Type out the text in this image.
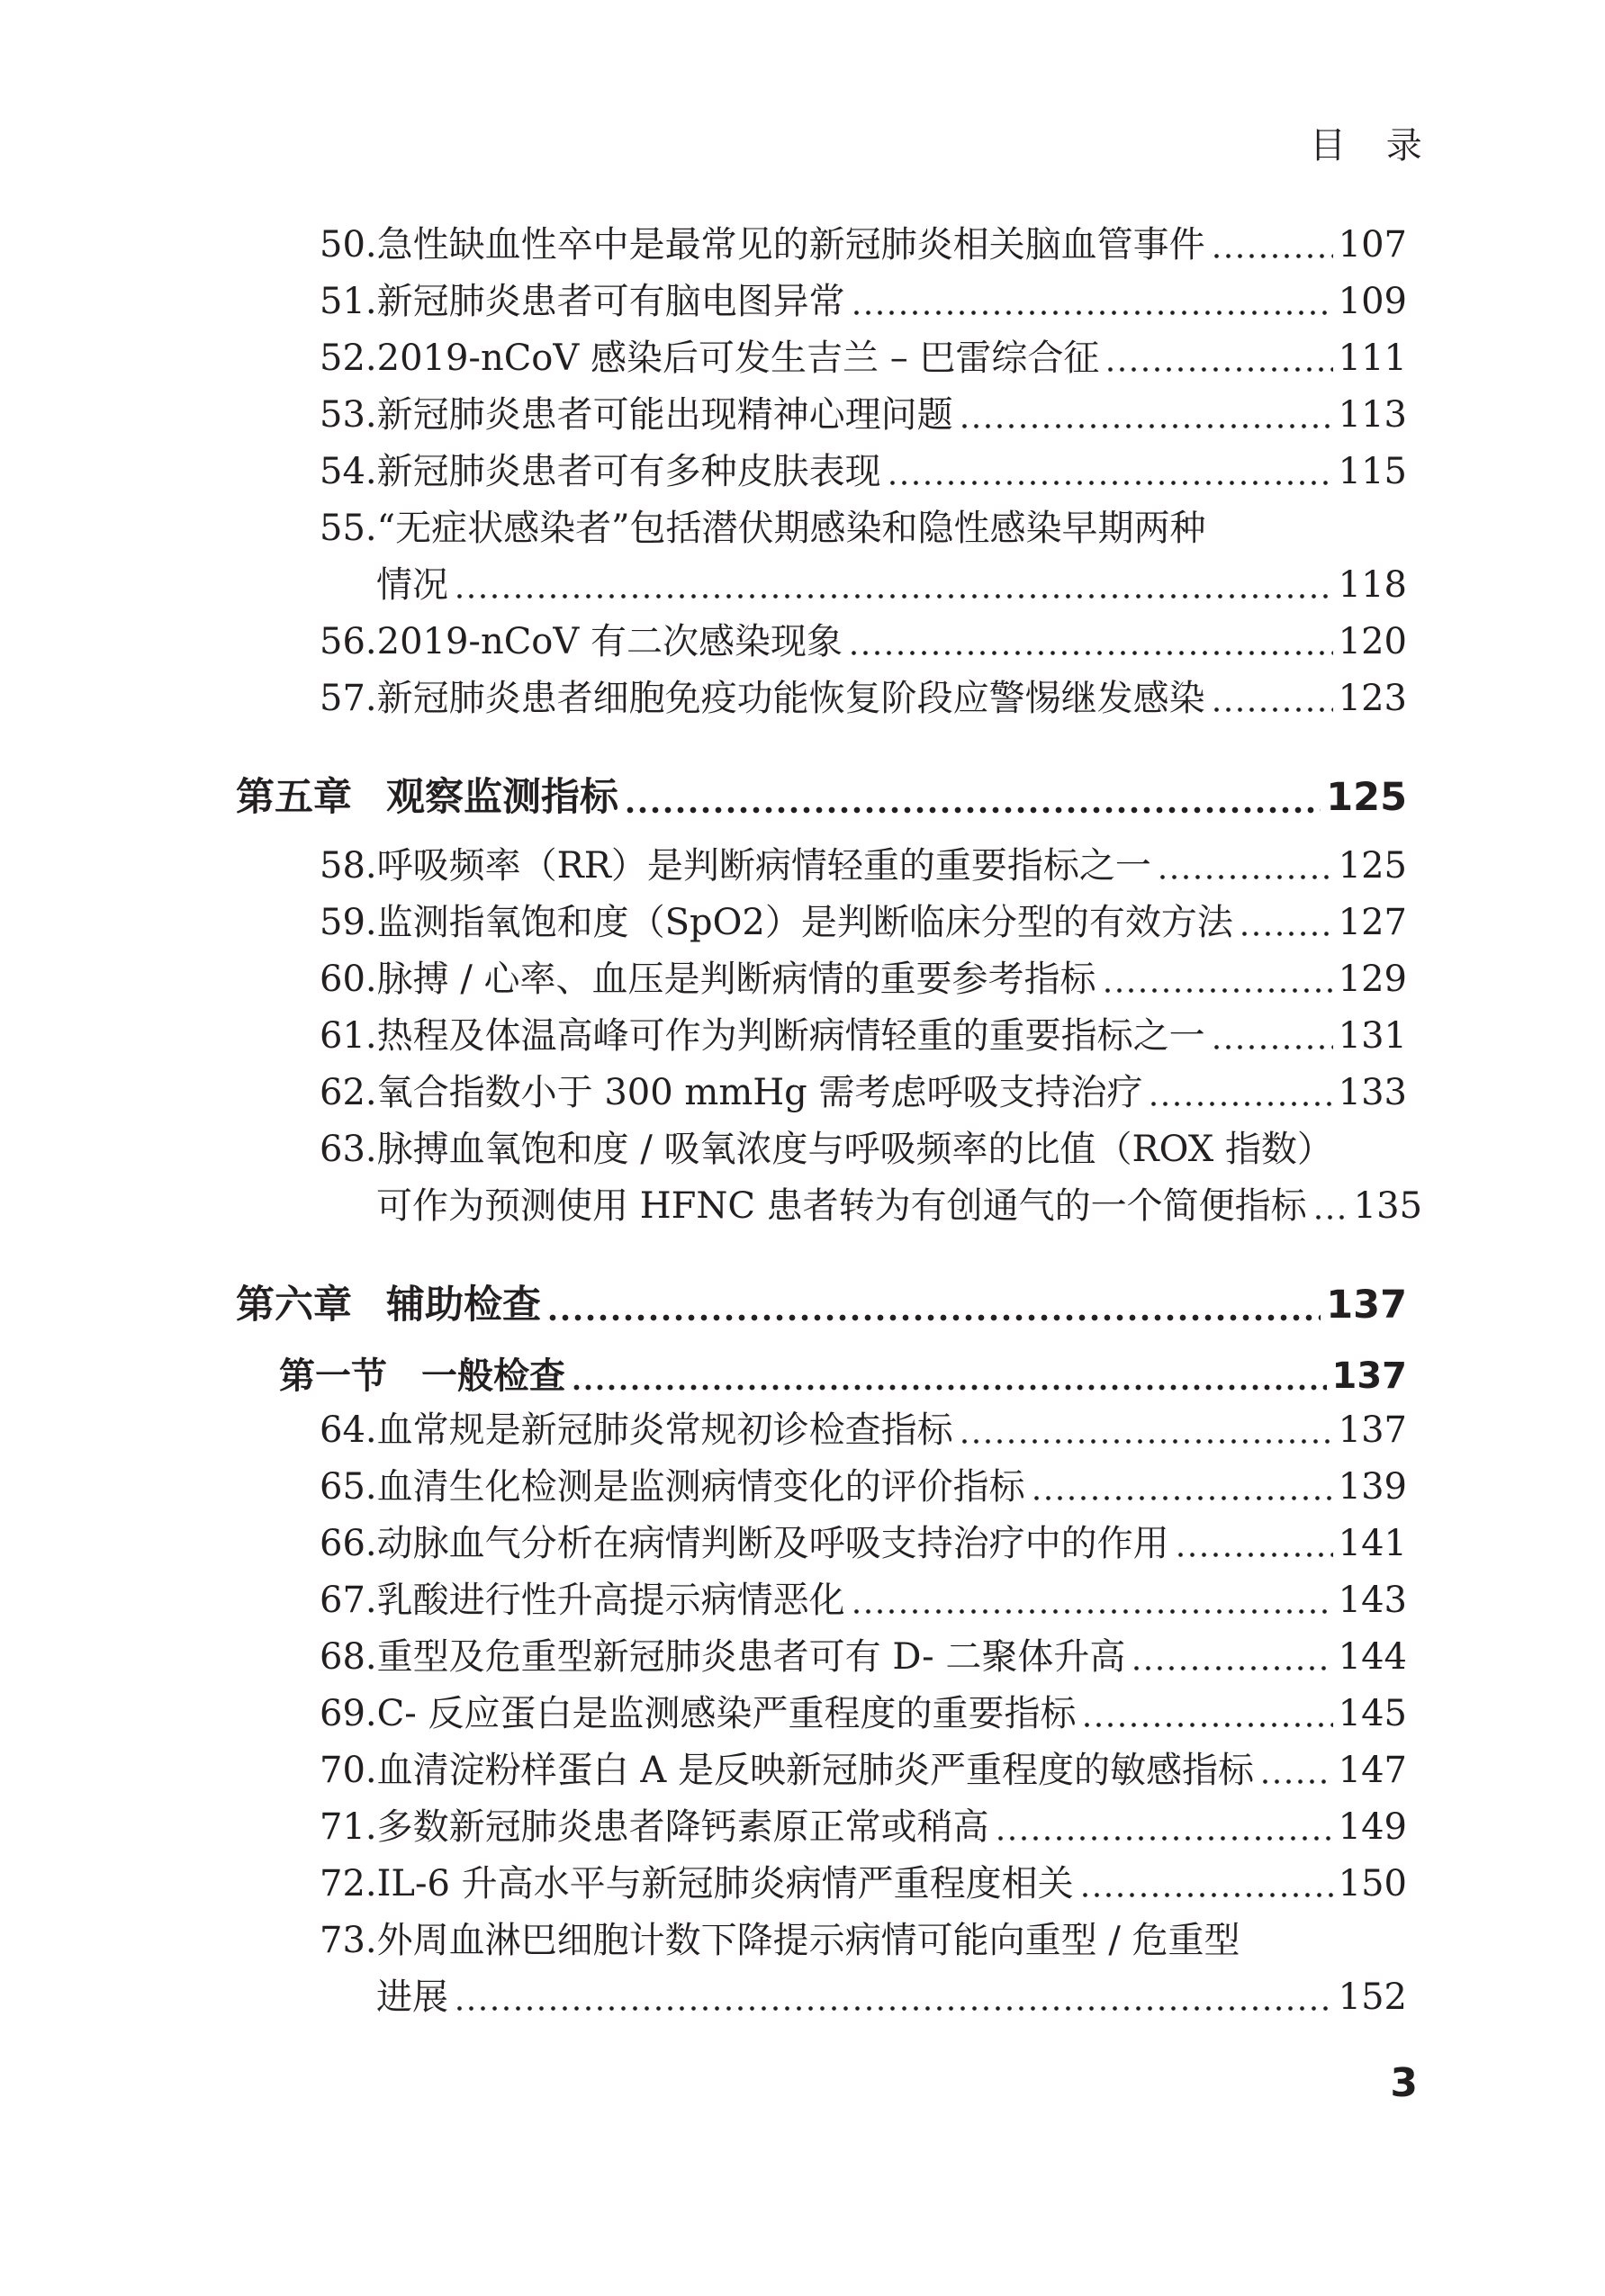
目 录
50. 急性缺血性卒中是最常见的新冠肺炎相关脑血管事件	107
51. 新冠肺炎患者可有脑电图异常	109
52. 2019-nCoV 感染后可发生吉兰 – 巴雷综合征	111
53. 新冠肺炎患者可能出现精神心理问题	113
54. 新冠肺炎患者可有多种皮肤表现	115
55. “无症状感染者”包括潜伏期感染和隐性感染早期两种
情况	118
56. 2019-nCoV 有二次感染现象	120
57. 新冠肺炎患者细胞免疫功能恢复阶段应警惕继发感染	123
第五章 观察监测指标	125
58. 呼吸频率（RR）是判断病情轻重的重要指标之一	125
59. 监测指氧饱和度（SpO2）是判断临床分型的有效方法	127
60. 脉搏 / 心率、血压是判断病情的重要参考指标	129
61. 热程及体温高峰可作为判断病情轻重的重要指标之一	131
62. 氧合指数小于 300 mmHg 需考虑呼吸支持治疗	133
63. 脉搏血氧饱和度 / 吸氧浓度与呼吸频率的比值（ROX 指数）
可作为预测使用 HFNC 患者转为有创通气的一个简便指标 135
第六章 辅助检查	137
第一节 一般检查	137
64. 血常规是新冠肺炎常规初诊检查指标	137
65. 血清生化检测是监测病情变化的评价指标	139
66. 动脉血气分析在病情判断及呼吸支持治疗中的作用	141
67. 乳酸进行性升高提示病情恶化	143
68. 重型及危重型新冠肺炎患者可有 D- 二聚体升高	144
69. C- 反应蛋白是监测感染严重程度的重要指标	145
70. 血清淀粉样蛋白 A 是反映新冠肺炎严重程度的敏感指标 147
71. 多数新冠肺炎患者降钙素原正常或稍高	149
72. IL-6 升高水平与新冠肺炎病情严重程度相关	150
73. 外周血淋巴细胞计数下降提示病情可能向重型 / 危重型
进展	152
3
